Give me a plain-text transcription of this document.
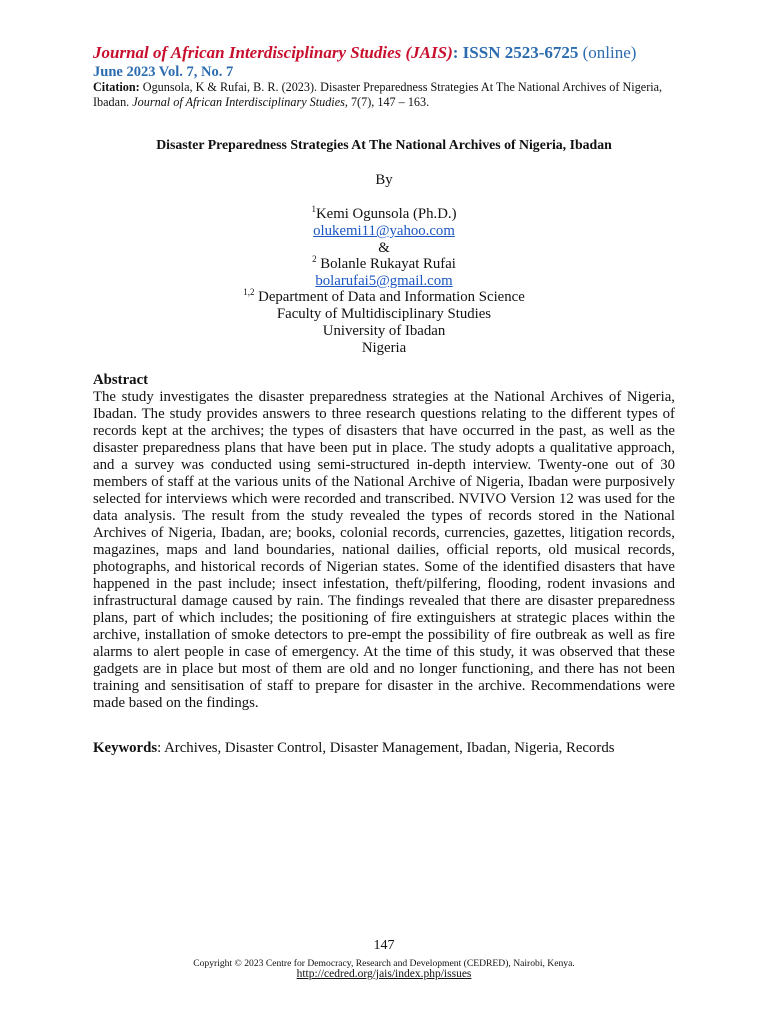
Journal of African Interdisciplinary Studies (JAIS): ISSN 2523-6725 (online)
June 2023 Vol. 7, No. 7
Citation: Ogunsola, K & Rufai, B. R. (2023). Disaster Preparedness Strategies At The National Archives of Nigeria, Ibadan. Journal of African Interdisciplinary Studies, 7(7), 147 – 163.
Disaster Preparedness Strategies At The National Archives of Nigeria, Ibadan
By
$^1$Kemi Ogunsola (Ph.D.)
olukemi11@yahoo.com
&
$^2$ Bolanle Rukayat Rufai
bolarufai5@gmail.com
$^{1,2}$ Department of Data and Information Science
Faculty of Multidisciplinary Studies
University of Ibadan
Nigeria
Abstract

The study investigates the disaster preparedness strategies at the National Archives of Nigeria, Ibadan. The study provides answers to three research questions relating to the different types of records kept at the archives; the types of disasters that have occurred in the past, as well as the disaster preparedness plans that have been put in place. The study adopts a qualitative approach, and a survey was conducted using semi-structured in-depth interview. Twenty-one out of 30 members of staff at the various units of the National Archive of Nigeria, Ibadan were purposively selected for interviews which were recorded and transcribed. NVIVO Version 12 was used for the data analysis. The result from the study revealed the types of records stored in the National Archives of Nigeria, Ibadan, are; books, colonial records, currencies, gazettes, litigation records, magazines, maps and land boundaries, national dailies, official reports, old musical records, photographs, and historical records of Nigerian states. Some of the identified disasters that have happened in the past include; insect infestation, theft/pilfering, flooding, rodent invasions and infrastructural damage caused by rain. The findings revealed that there are disaster preparedness plans, part of which includes; the positioning of fire extinguishers at strategic places within the archive, installation of smoke detectors to pre-empt the possibility of fire outbreak as well as fire alarms to alert people in case of emergency. At the time of this study, it was observed that these gadgets are in place but most of them are old and no longer functioning, and there has not been training and sensitisation of staff to prepare for disaster in the archive. Recommendations were made based on the findings.

Keywords: Archives, Disaster Control, Disaster Management, Ibadan, Nigeria, Records
147
Copyright © 2023 Centre for Democracy, Research and Development (CEDRED), Nairobi, Kenya.
http://cedred.org/jais/index.php/issues
